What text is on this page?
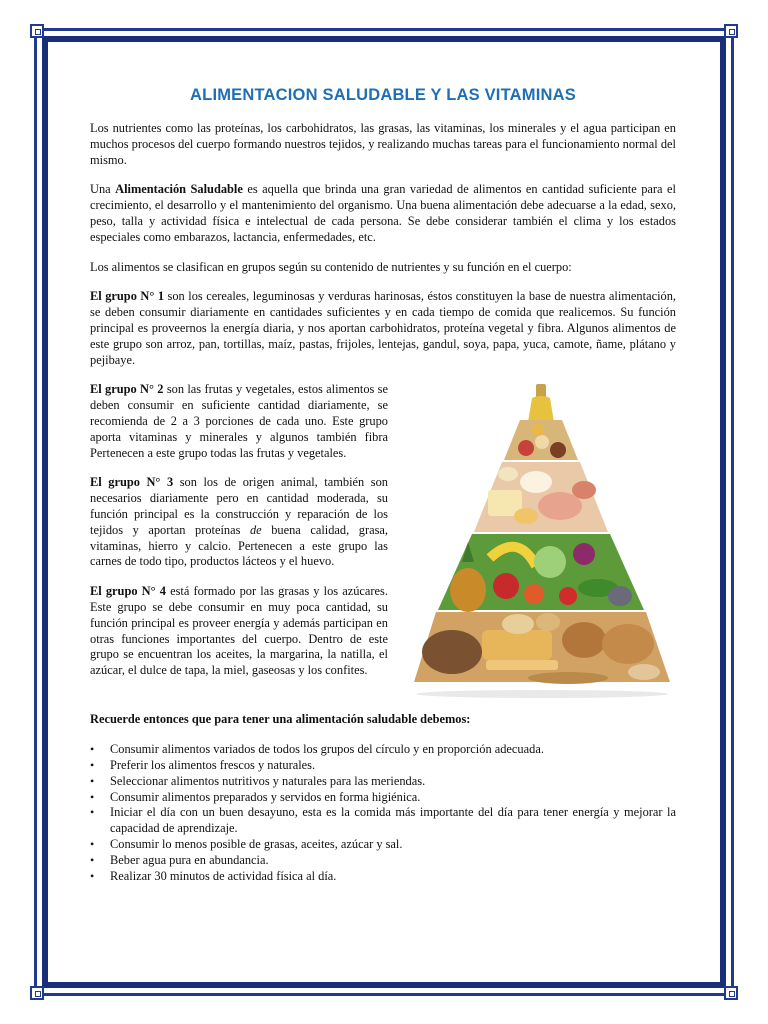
ALIMENTACION SALUDABLE Y LAS VITAMINAS

Los nutrientes como las proteínas, los carbohidratos, las grasas, las vitaminas, los minerales y el agua participan en muchos procesos del cuerpo formando nuestros tejidos, y realizando muchas tareas para el funcionamiento normal del mismo.

Una Alimentación Saludable es aquella que brinda una gran variedad de alimentos en cantidad suficiente para el crecimiento, el desarrollo y el mantenimiento del organismo. Una buena alimentación debe adecuarse a la edad, sexo, peso, talla y actividad física e intelectual de cada persona. Se debe considerar también el clima y los estados especiales como embarazos, lactancia, enfermedades, etc.

Los alimentos se clasifican en grupos según su contenido de nutrientes y su función en el cuerpo:

El grupo N° 1 son los cereales, leguminosas y verduras harinosas, éstos constituyen la base de nuestra alimentación, se deben consumir diariamente en cantidades suficientes y en cada tiempo de comida que realicemos. Su función principal es proveernos la energía diaria, y nos aportan carbohidratos, proteína vegetal y fibra. Algunos alimentos de este grupo son arroz, pan, tortillas, maíz, pastas, frijoles, lentejas, gandul, soya, papa, yuca, camote, ñame, plátano y pejibaye.

El grupo N° 2 son las frutas y vegetales, estos alimentos se deben consumir en suficiente cantidad diariamente, se recomienda de 2 a 3 porciones de cada uno. Este grupo aporta vitaminas y minerales y algunos también fibra Pertenecen a este grupo todas las frutas y vegetales.

El grupo N° 3 son los de origen animal, también son necesarios diariamente pero en cantidad moderada, su función principal es la construcción y reparación de los tejidos y aportan proteínas de buena calidad, grasa, vitaminas, hierro y calcio. Pertenecen a este grupo las carnes de todo tipo, productos lácteos y el huevo.

El grupo N° 4 está formado por las grasas y los azúcares. Este grupo se debe consumir en muy poca cantidad, su función principal es proveer energía y además participan en otras funciones importantes del cuerpo. Dentro de este grupo se encuentran los aceites, la margarina, la natilla, el azúcar, el dulce de tapa, la miel, gaseosas y los confites.

Recuerde entonces que para tener una alimentación saludable debemos:

• Consumir alimentos variados de todos los grupos del círculo y en proporción adecuada.
• Preferir los alimentos frescos y naturales.
• Seleccionar alimentos nutritivos y naturales para las meriendas.
• Consumir alimentos preparados y servidos en forma higiénica.
• Iniciar el día con un buen desayuno, esta es la comida más importante del día para tener energía y mejorar la capacidad de aprendizaje.
• Consumir lo menos posible de grasas, aceites, azúcar y sal.
• Beber agua pura en abundancia.
• Realizar 30 minutos de actividad física al día.
